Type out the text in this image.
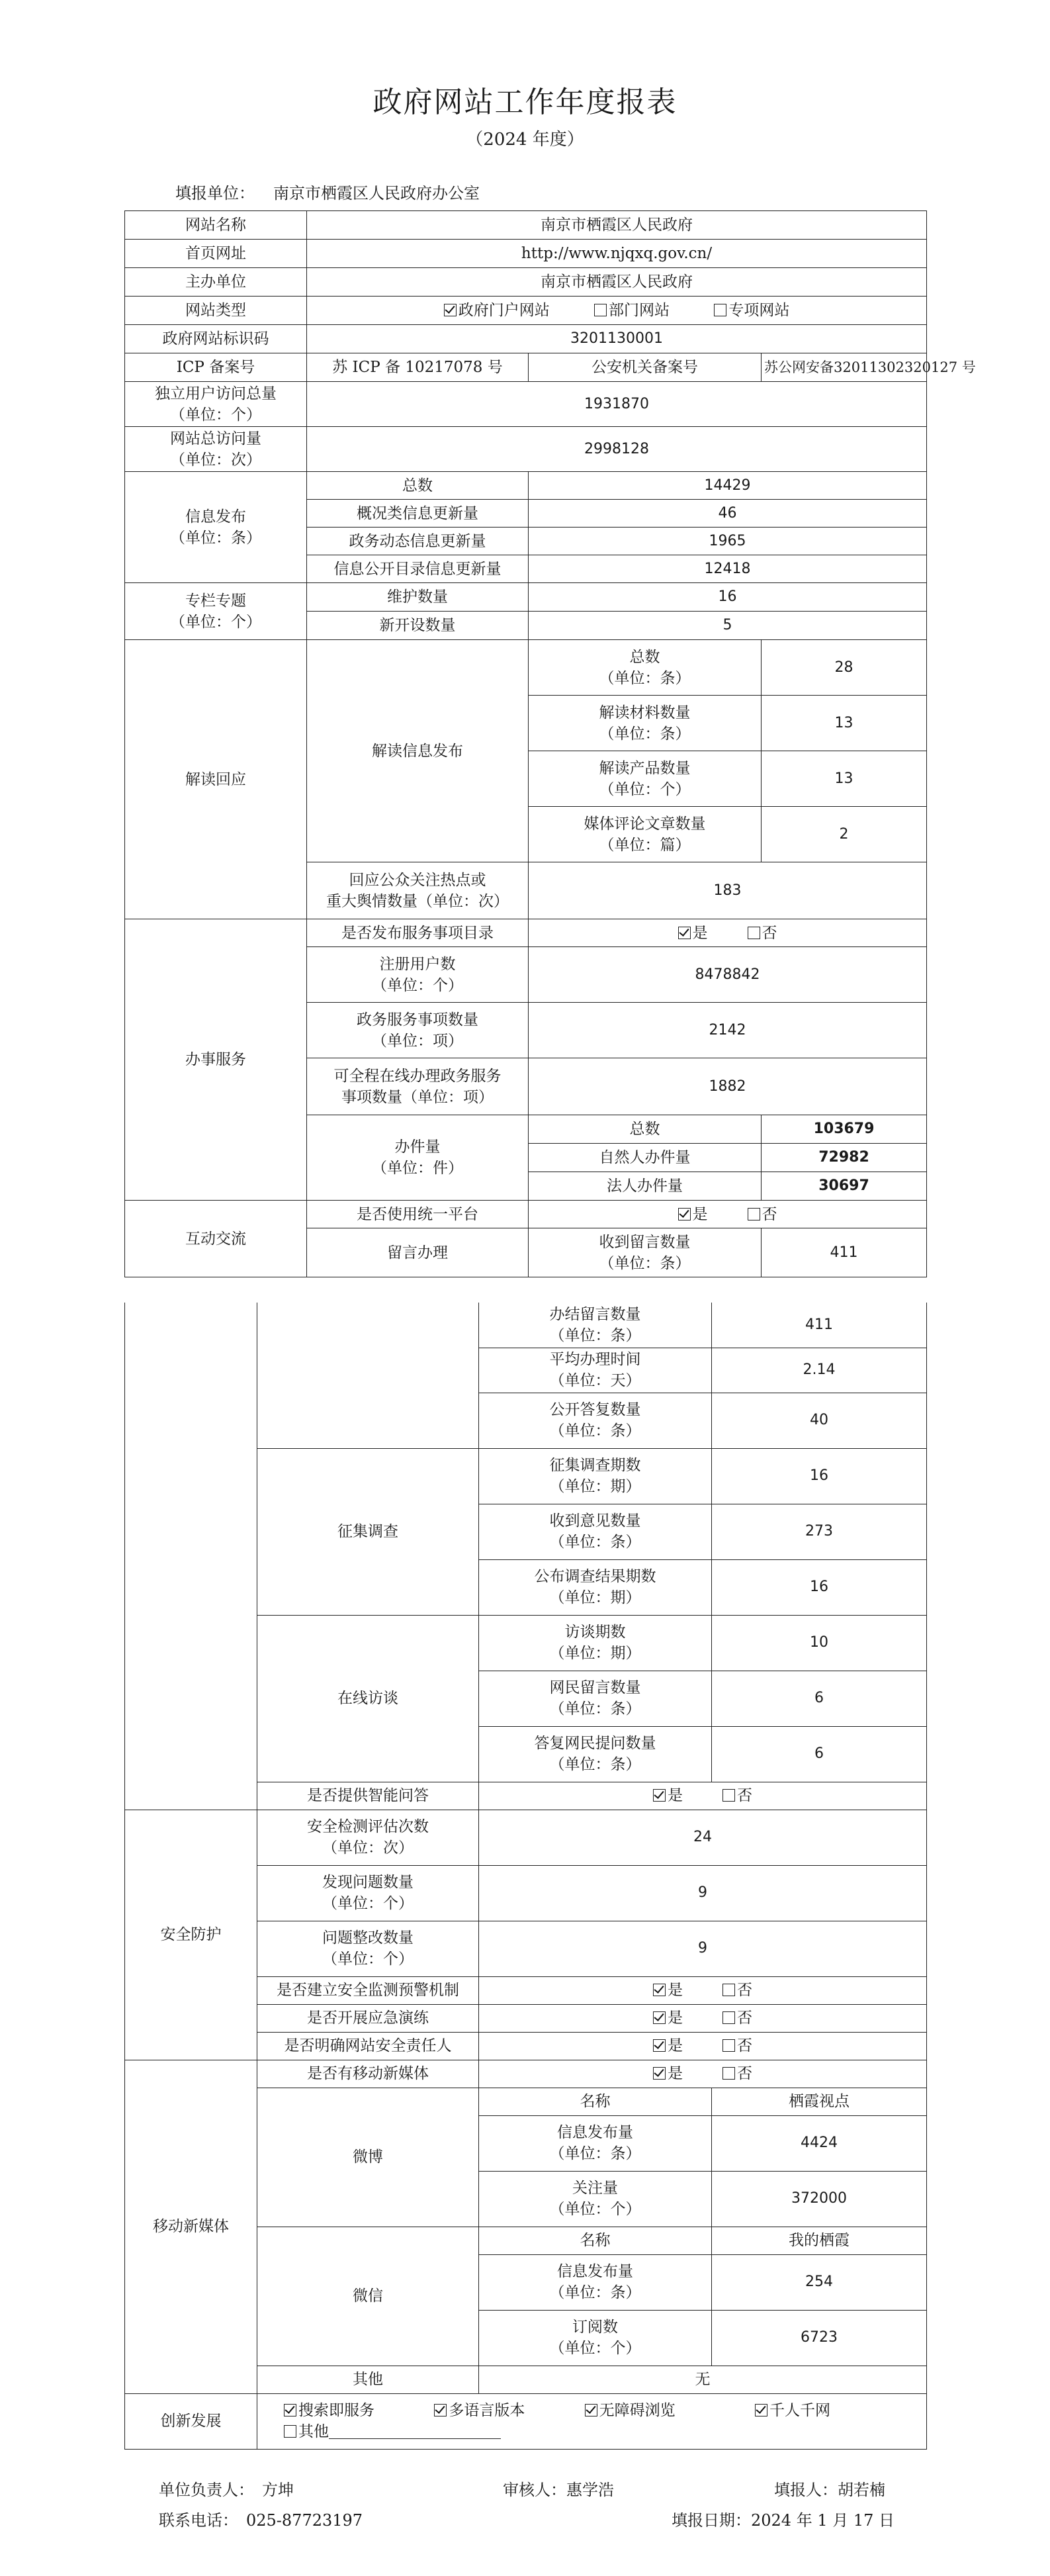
政府网站工作年度报表
（2024 年度）
填报单位： 南京市栖霞区人民政府办公室
网站名称	南京市栖霞区人民政府		
首页网址	http://www.njqxq.gov.cn/		
主办单位	南京市栖霞区人民政府		
网站类型	政府门户网站 部门网站 专项网站		
政府网站标识码	3201130001		
ICP 备案号	苏 ICP 备 10217078 号	公安机关备案号	苏公网安备32011302320127 号

独立用户访问总量
（单位：个）	1931870		

网站总访问量
（单位：次）	2998128		

信息发布
（单位：条）	总数	14429	
	概况类信息更新量	46	
	政务动态信息更新量	1965	
	信息公开目录信息更新量	12418	

专栏专题
（单位：个）	维护数量	16	
	新开设数量	5	
解读回应	解读信息发布	总数
（单位：条）	28

		解读材料数量
（单位：条）	13

		解读产品数量
（单位：个）	13

		媒体评论文章数量
（单位：篇）	2

	回应公众关注热点或
重大舆情数量（单位：次）	183	
办事服务	是否发布服务事项目录	是 否	

	注册用户数
（单位：个）	8478842	

	政务服务事项数量
（单位：项）	2142	

	可全程在线办理政务服务
事项数量（单位：项）	1882	

	办件量
（单位：件）	总数	103679
		自然人办件量	72982
		法人办件量	30697
互动交流	是否使用统一平台	是 否	
	留言办理	收到留言数量
（单位：条）	411

		办结留言数量
（单位：条）	411

		平均办理时间
（单位：天）	2.14

		公开答复数量
（单位：条）	40
	征集调查	征集调查期数
（单位：期）	16

		收到意见数量
（单位：条）	273

		公布调查结果期数
（单位：期）	16
	在线访谈	访谈期数
（单位：期）	10

		网民留言数量
（单位：条）	6

		答复网民提问数量
（单位：条）	6
	是否提供智能问答	是 否	
安全防护	安全检测评估次数
（单位：次）	24	

	发现问题数量
（单位：个）	9	

	问题整改数量
（单位：个）	9	
	是否建立安全监测预警机制	是 否	
	是否开展应急演练	是 否	
	是否明确网站安全责任人	是 否	
移动新媒体	是否有移动新媒体	是 否	
	微博	名称	栖霞视点

		信息发布量
（单位：条）	4424

		关注量
（单位：个）	372000
	微信	名称	我的栖霞

		信息发布量
（单位：条）	254

		订阅数
（单位：个）	6723
	其他	无	
创新发展	搜索即服务 多语言版本 无障碍浏览 千人千网
其他		
单位负责人：　方坤	审核人：惠学浩	填报人：胡若楠
联系电话：　025-87723197	填报日期：2024 年 1 月 17 日
